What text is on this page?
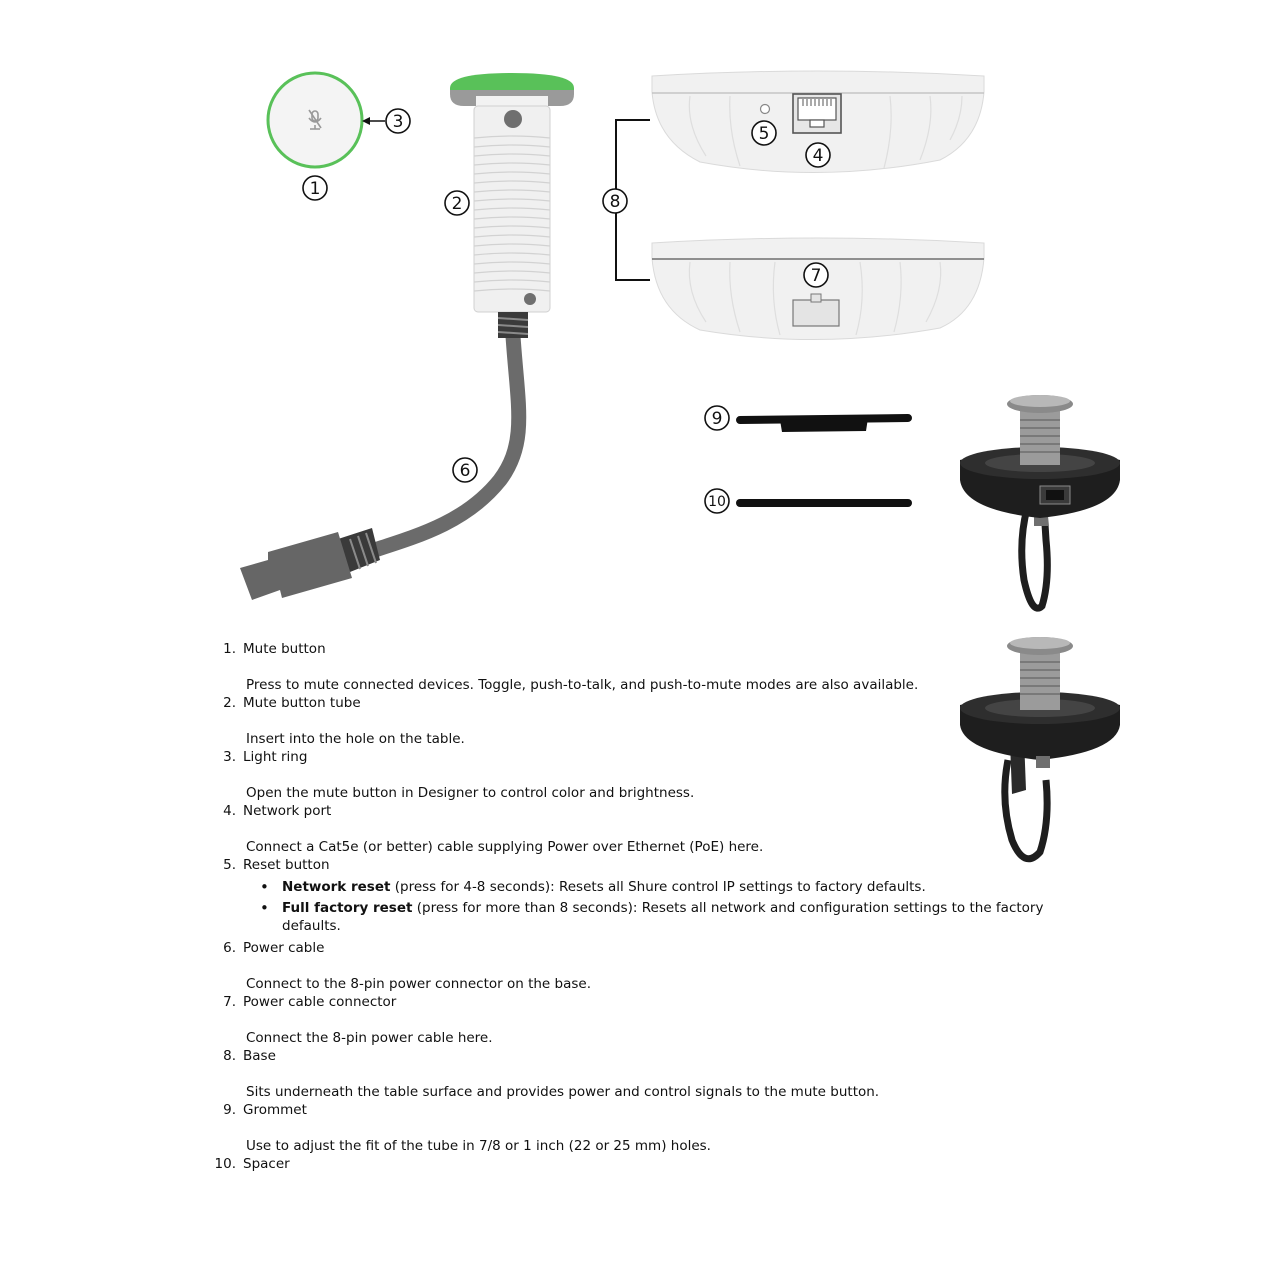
1
2
3
4
5
6
7
8
9
10
1. Mute button
Press to mute connected devices. Toggle, push-to-talk, and push-to-mute modes are also available.
2. Mute button tube
Insert into the hole on the table.
3. Light ring
Open the mute button in Designer to control color and brightness.
4. Network port
Connect a Cat5e (or better) cable supplying Power over Ethernet (PoE) here.
5. Reset button
• Network reset (press for 4-8 seconds): Resets all Shure control IP settings to factory defaults.
• Full factory reset (press for more than 8 seconds): Resets all network and configuration settings to the factory defaults.
6. Power cable
Connect to the 8-pin power connector on the base.
7. Power cable connector
Connect the 8-pin power cable here.
8. Base
Sits underneath the table surface and provides power and control signals to the mute button.
9. Grommet
Use to adjust the fit of the tube in 7/8 or 1 inch (22 or 25 mm) holes.
10. Spacer
